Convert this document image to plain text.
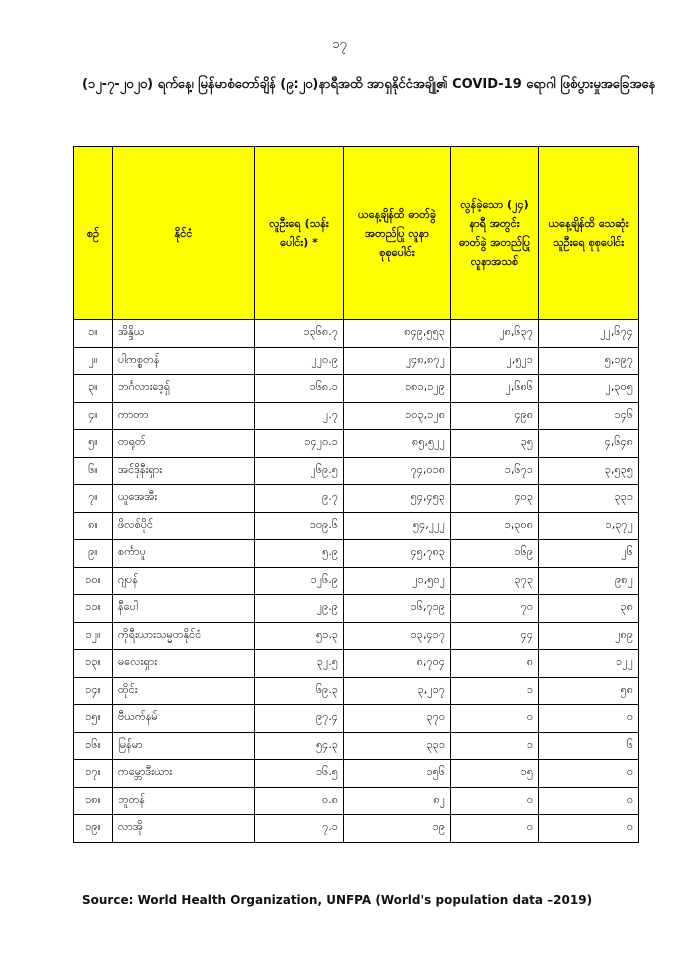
၁၇
(၁၂-၇-၂၀၂၀) ရက်နေ့၊ မြန်မာစံတော်ချိန် (၉:၂၀)နာရီအထိ အာရှနိုင်ငံအချို့၏ COVID-19 ရောဂါ ဖြစ်ပွားမှုအခြေအနေ
စဉ်	နိုင်ငံ	လူဦးရေ (သန်းပေါင်း) *	ယနေ့ချိန်ထိ ဓာတ်ခွဲအတည်ပြု လူနာစုစုပေါင်း	လွန်ခဲ့သော (၂၄) နာရီ အတွင်း ဓာတ်ခွဲ အတည်ပြု လူနာအသစ်	ယနေ့ချိန်ထိ သေဆုံးသူဦးရေ စုစုပေါင်း
၁။	အိန္ဒိယ	၁၃၆၈.၇	၈၄၉,၅၅၃	၂၈,၆၃၇	၂၂,၆၇၄
၂။	ပါကစ္စတန်	၂၂၀.၉	၂၄၈,၈၇၂	၂,၅၂၁	၅,၁၉၇
၃။	ဘင်္ဂလားဒေ့ရှ်	၁၆၈.၁	၁၈၁,၁၂၉	၂,၆၈၆	၂,၃၀၅
၄။	ကာတာ	၂.၇	၁၀၃,၁၂၈	၄၉၈	၁၄၆
၅။	တရုတ်	၁၄၂၀.၁	၈၅,၅၂၂	၃၅	၄,၆၄၈
၆။	အင်ဒိုနီးရှား	၂၆၉.၅	၇၄,၀၁၈	၁,၆၇၁	၃,၅၃၅
၇။	ယူအေအီး	၉.၇	၅၄,၄၅၃	၄၀၃	၃၃၁
၈။	ဖိလစ်ပိုင်	၁၀၉.၆	၅၄,၂၂၂	၁,၃၀၈	၁,၃၇၂
၉။	စင်္ကာပူ	၅.၉	၄၅,၇၈၃	၁၆၉	၂၆
၁၀။	ဂျပန်	၁၂၆.၉	၂၁,၅၀၂	၃၇၃	၉၈၂
၁၁။	နီပေါ	၂၉.၉	၁၆,၇၁၉	၇၀	၃၈
၁၂။	ကိုရီးယားသမ္မတနိုင်ငံ	၅၁.၃	၁၃,၄၁၇	၄၄	၂၈၉
၁၃။	မလေးရှား	၃၂.၅	၈,၇၀၄	၈	၁၂၂
၁၄။	ထိုင်း	၆၉.၃	၃,၂၁၇	၁	၅၈
၁၅။	ဗီယက်နမ်	၉၇.၄	၃၇၀	၀	၀
၁၆။	မြန်မာ	၅၄.၃	၃၃၁	၁	၆
၁၇။	ကမ္ဘောဒီးယား	၁၆.၅	၁၅၆	၁၅	၀
၁၈။	ဘူတန်	၀.၈	၈၂	၀	၀
၁၉။	လာအို	၇.၁	၁၉	၀	၀
Source: World Health Organization, UNFPA (World's population data –2019)
